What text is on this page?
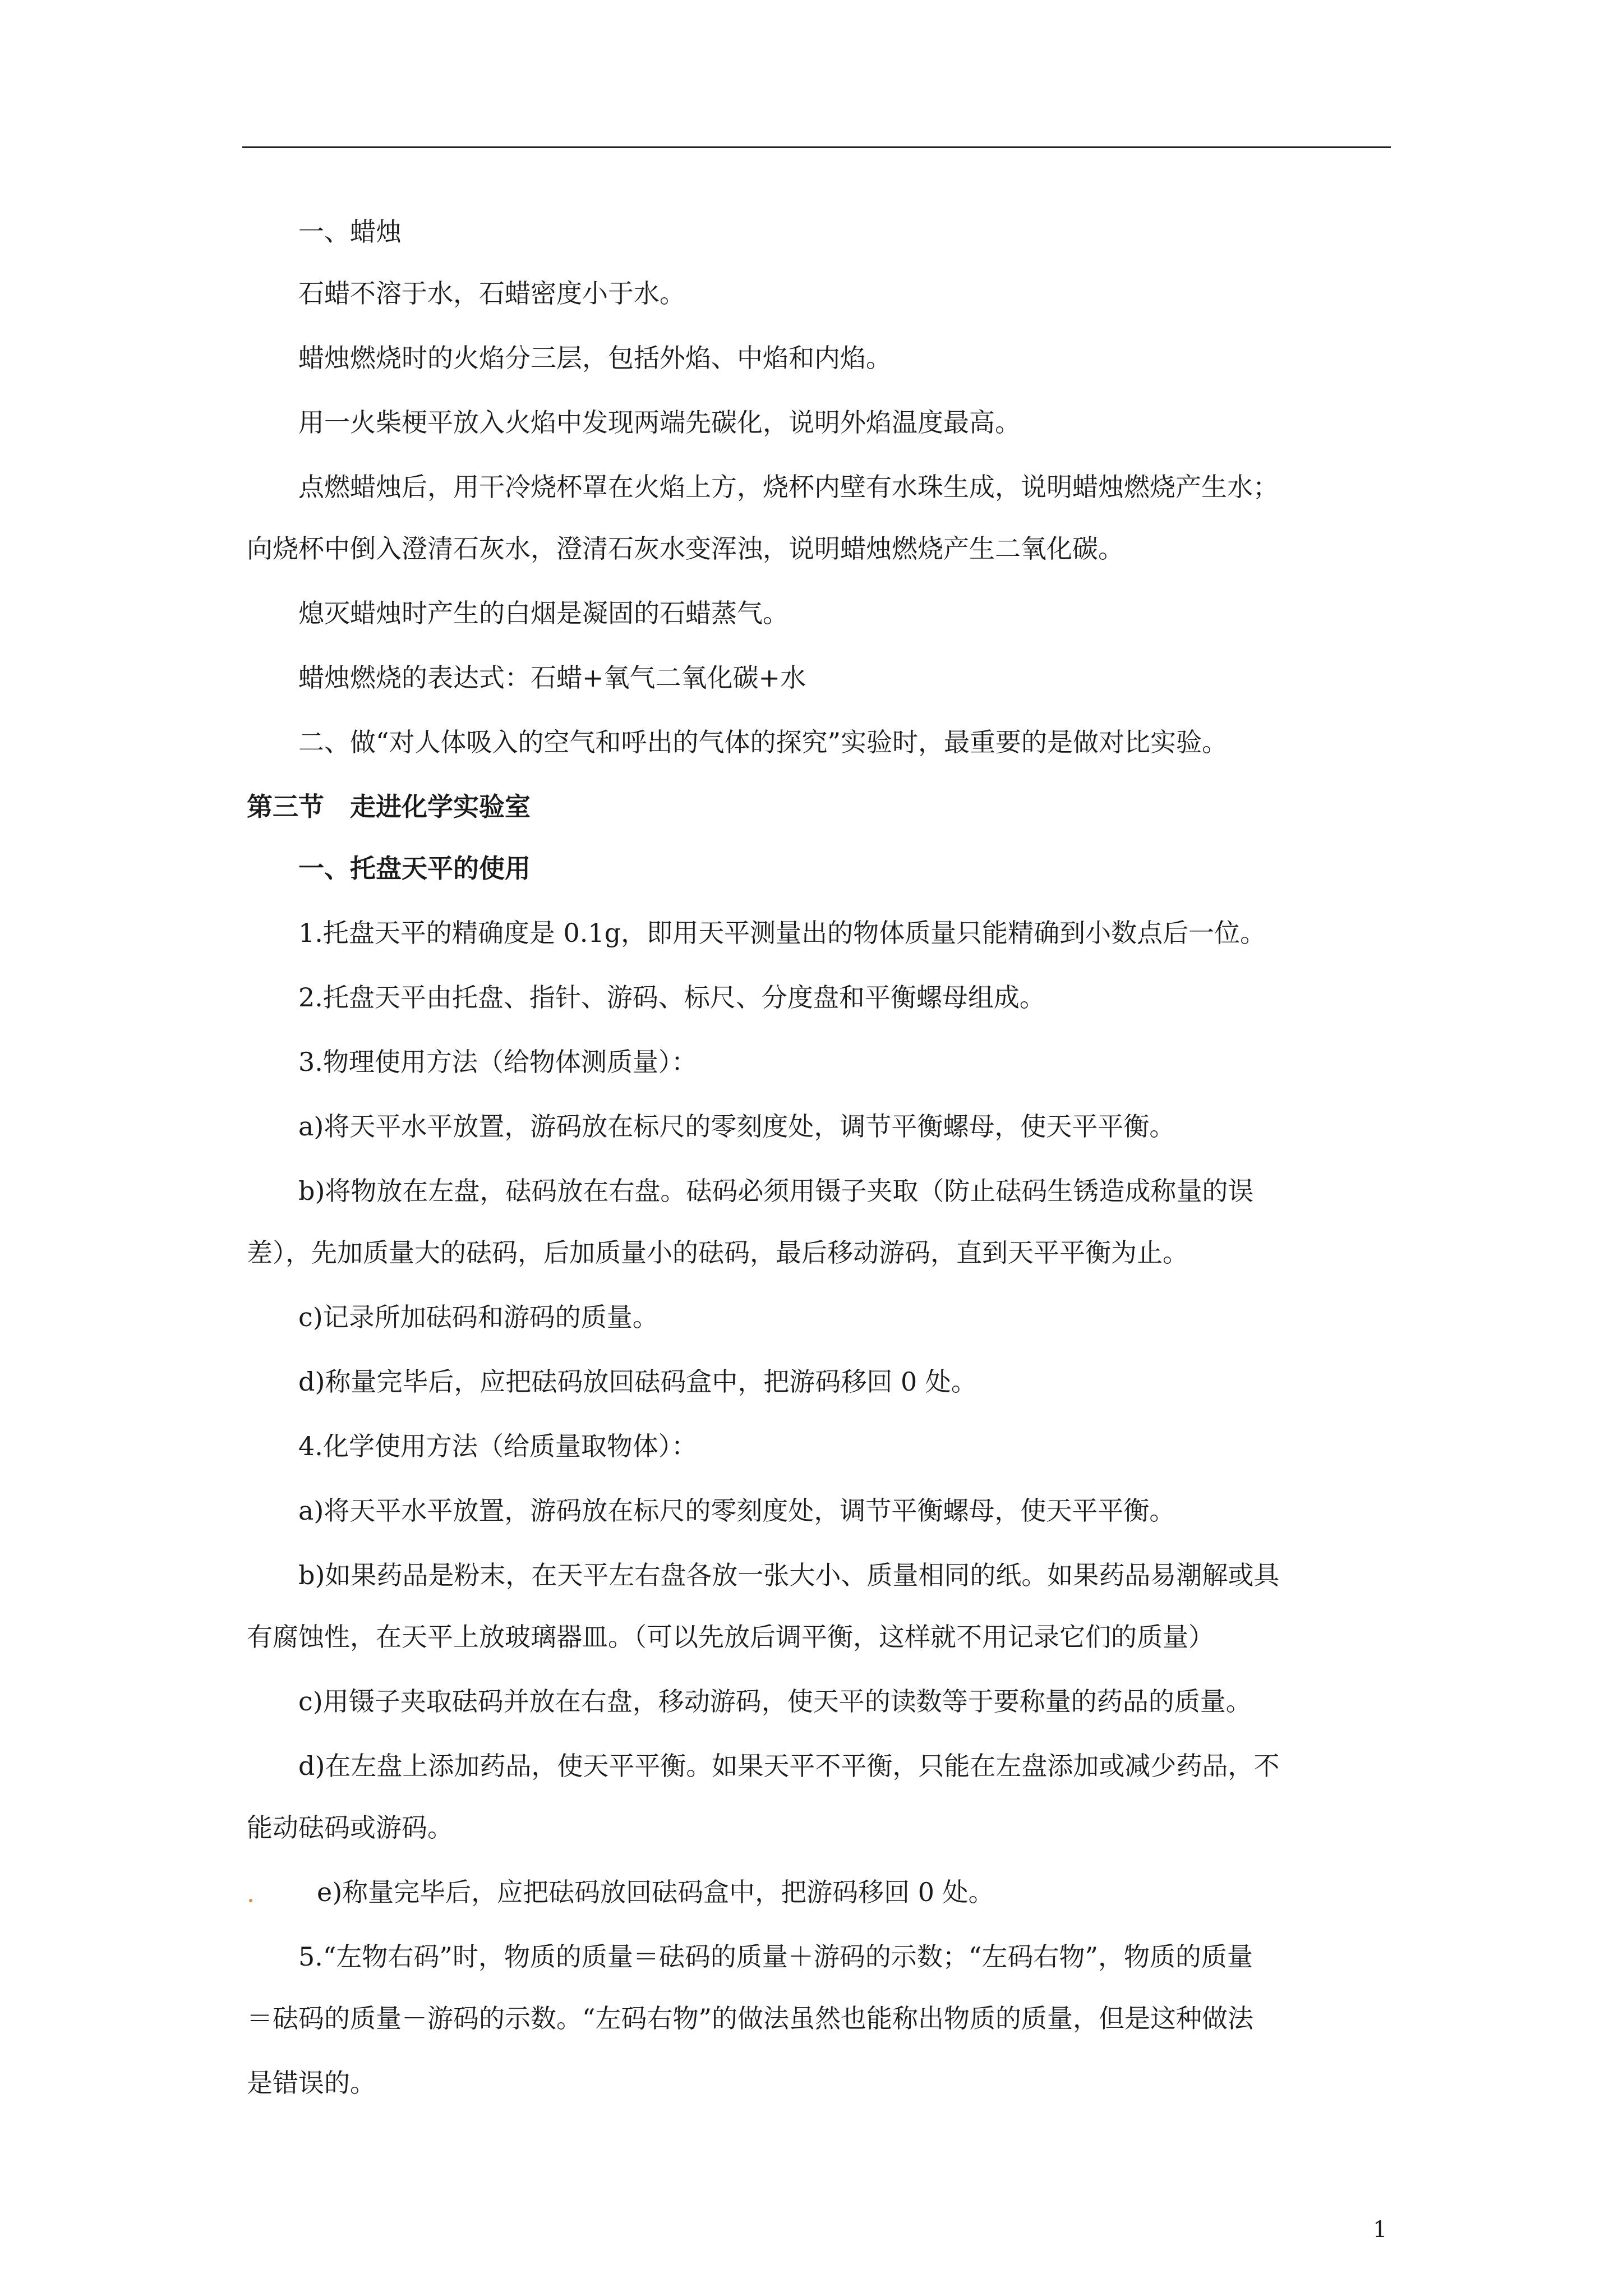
一、蜡烛
石蜡不溶于水，石蜡密度小于水。
蜡烛燃烧时的火焰分三层，包括外焰、中焰和内焰。
用一火柴梗平放入火焰中发现两端先碳化，说明外焰温度最高。
点燃蜡烛后，用干冷烧杯罩在火焰上方，烧杯内壁有水珠生成，说明蜡烛燃烧产生水；
向烧杯中倒入澄清石灰水，澄清石灰水变浑浊，说明蜡烛燃烧产生二氧化碳。
熄灭蜡烛时产生的白烟是凝固的石蜡蒸气。
蜡烛燃烧的表达式：石蜡+氧气二氧化碳+水
二、做“对人体吸入的空气和呼出的气体的探究”实验时，最重要的是做对比实验。
第三节　走进化学实验室
一、托盘天平的使用
1.托盘天平的精确度是 0.1g，即用天平测量出的物体质量只能精确到小数点后一位。
2.托盘天平由托盘、指针、游码、标尺、分度盘和平衡螺母组成。
3.物理使用方法（给物体测质量）：
a)将天平水平放置，游码放在标尺的零刻度处，调节平衡螺母，使天平平衡。
b)将物放在左盘，砝码放在右盘。砝码必须用镊子夹取（防止砝码生锈造成称量的误
差），先加质量大的砝码，后加质量小的砝码，最后移动游码，直到天平平衡为止。
c)记录所加砝码和游码的质量。
d)称量完毕后，应把砝码放回砝码盒中，把游码移回 0 处。
4.化学使用方法（给质量取物体）：
a)将天平水平放置，游码放在标尺的零刻度处，调节平衡螺母，使天平平衡。
b)如果药品是粉末，在天平左右盘各放一张大小、质量相同的纸。如果药品易潮解或具
有腐蚀性，在天平上放玻璃器皿。（可以先放后调平衡，这样就不用记录它们的质量）
c)用镊子夹取砝码并放在右盘，移动游码，使天平的读数等于要称量的药品的质量。
d)在左盘上添加药品，使天平平衡。如果天平不平衡，只能在左盘添加或减少药品，不
能动砝码或游码。
e)称量完毕后，应把砝码放回砝码盒中，把游码移回 0 处。
5.“左物右码”时，物质的质量＝砝码的质量＋游码的示数；“左码右物”，物质的质量
＝砝码的质量－游码的示数。“左码右物”的做法虽然也能称出物质的质量，但是这种做法
是错误的。
1
